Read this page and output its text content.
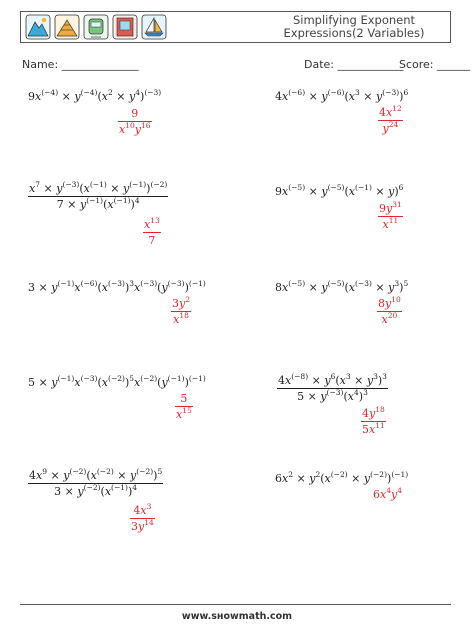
Simplifying Exponent Expressions(2 Variables)
Name: ______________	Date: ____________
Score: ______
$9x^{(-4)} \times y^{(-4)}(x^2 \times y^4)^{(-3)}$
9
$x^{10}y^{16}$
$4x^{(-6)} \times y^{(-6)}(x^3 \times y^{(-3)})^6$
$4x^{12}$
$y^{24}$
$x^7 \times y^{(-3)}(x^{(-1)} \times y^{(-1)})^{(-2)}$
$7 \times y^{(-1)}(x^{(-1)})^4$
$x^{13}$
7
$9x^{(-5)} \times y^{(-5)}(x^{(-1)} \times y)^6$
$9y^{31}$
$x^{11}$
$3 \times y^{(-1)}x^{(-6)}(x^{(-3)})^3x^{(-3)}(y^{(-3)})^{(-1)}$
$3y^2$
$x^{18}$
$8x^{(-5)} \times y^{(-5)}(x^{(-3)} \times y^3)^5$
$8y^{10}$
$x^{20}$
$5 \times y^{(-1)}x^{(-3)}(x^{(-2)})^5x^{(-2)}(y^{(-1)})^{(-1)}$
5
$x^{15}$
$4x^{(-8)} \times y^6(x^3 \times y^3)^3$
$5 \times y^{(-3)}(x^4)^3$
$4y^{18}$
$5x^{11}$
$4x^9 \times y^{(-2)}(x^{(-2)} \times y^{(-2)})^5$
$3 \times y^{(-2)}(x^{(-1)})^4$
$4x^3$
$3y^{14}$
$6x^2 \times y^2(x^{(-2)} \times y^{(-2)})^{(-1)}$
$6x^4y^4$
www.sнowmath.com
